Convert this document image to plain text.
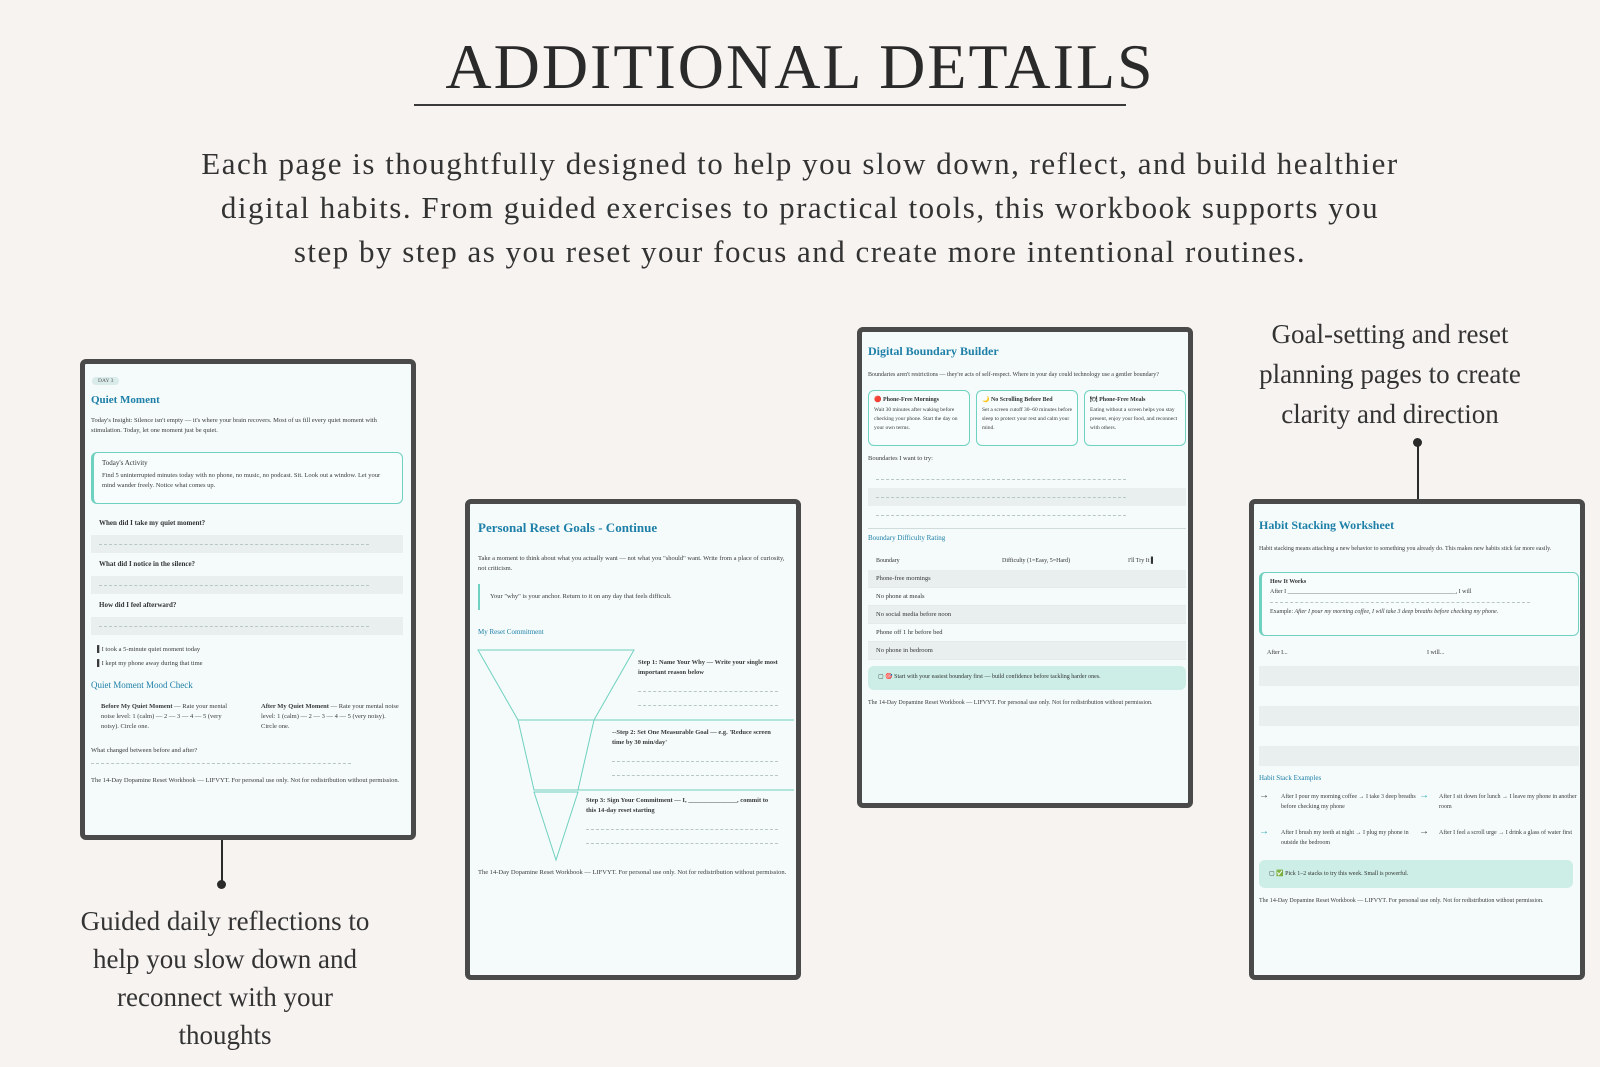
ADDITIONAL DETAILS
Each page is thoughtfully designed to help you slow down, reflect, and build healthier digital habits. From guided exercises to practical tools, this workbook supports you step by step as you reset your focus and create more intentional routines.
DAY 3
Quiet Moment
Today's Insight: Silence isn't empty — it's where your brain recovers. Most of us fill every quiet moment with stimulation. Today, let one moment just be quiet.
Today's Activity
Find 5 uninterrupted minutes today with no phone, no music, no podcast. Sit. Look out a window. Let your mind wander freely. Notice what comes up.
When did I take my quiet moment?
What did I notice in the silence?
How did I feel afterward?
▌I took a 5-minute quiet moment today
▌I kept my phone away during that time
Quiet Moment Mood Check
Before My Quiet Moment — Rate your mental noise level: 1 (calm) — 2 — 3 — 4 — 5 (very noisy). Circle one.
After My Quiet Moment — Rate your mental noise level: 1 (calm) — 2 — 3 — 4 — 5 (very noisy). Circle one.
What changed between before and after?
The 14-Day Dopamine Reset Workbook — LIFVYT. For personal use only. Not for redistribution without permission.
Guided daily reflections to help you slow down and reconnect with your thoughts
Personal Reset Goals - Continue
Take a moment to think about what you actually want — not what you "should" want. Write from a place of curiosity, not criticism.
Your "why" is your anchor. Return to it on any day that feels difficult.
My Reset Commitment
Step 1: Name Your Why — Write your single most important reason below
--Step 2: Set One Measurable Goal — e.g. 'Reduce screen time by 30 min/day'
Step 3: Sign Your Commitment — I, _______________, commit to this 14-day reset starting
The 14-Day Dopamine Reset Workbook — LIFVYT. For personal use only. Not for redistribution without permission.
Digital Boundary Builder
Boundaries aren't restrictions — they're acts of self-respect. Where in your day could technology use a gentler boundary?
🔴 Phone-Free Mornings
Wait 30 minutes after waking before checking your phone. Start the day on your own terms.
🌙 No Scrolling Before Bed
Set a screen cutoff 30–60 minutes before sleep to protect your rest and calm your mind.
🍽 Phone-Free Meals
Eating without a screen helps you stay present, enjoy your food, and reconnect with others.
Boundaries I want to try:
Boundary Difficulty Rating
Boundary	Difficulty (1=Easy, 5=Hard)	I'll Try It ▌
Phone-free mornings
No phone at meals
No social media before noon
Phone off 1 hr before bed
No phone in bedroom
▢ 🎯 Start with your easiest boundary first — build confidence before tackling harder ones.
The 14-Day Dopamine Reset Workbook — LIFVYT. For personal use only. Not for redistribution without permission.
Goal-setting and reset planning pages to create clarity and direction
Habit Stacking Worksheet
Habit stacking means attaching a new behavior to something you already do. This makes new habits stick far more easily.
How It Works
After I ________________________________________________________, I will
Example: After I pour my morning coffee, I will take 3 deep breaths before checking my phone.
After I...	I will...
Habit Stack Examples
→ After I pour my morning coffee → I take 3 deep breaths before checking my phone
→ After I sit down for lunch → I leave my phone in another room
→ After I brush my teeth at night → I plug my phone in outside the bedroom
→ After I feel a scroll urge → I drink a glass of water first
▢ ✅ Pick 1–2 stacks to try this week. Small is powerful.
The 14-Day Dopamine Reset Workbook — LIFVYT. For personal use only. Not for redistribution without permission.
